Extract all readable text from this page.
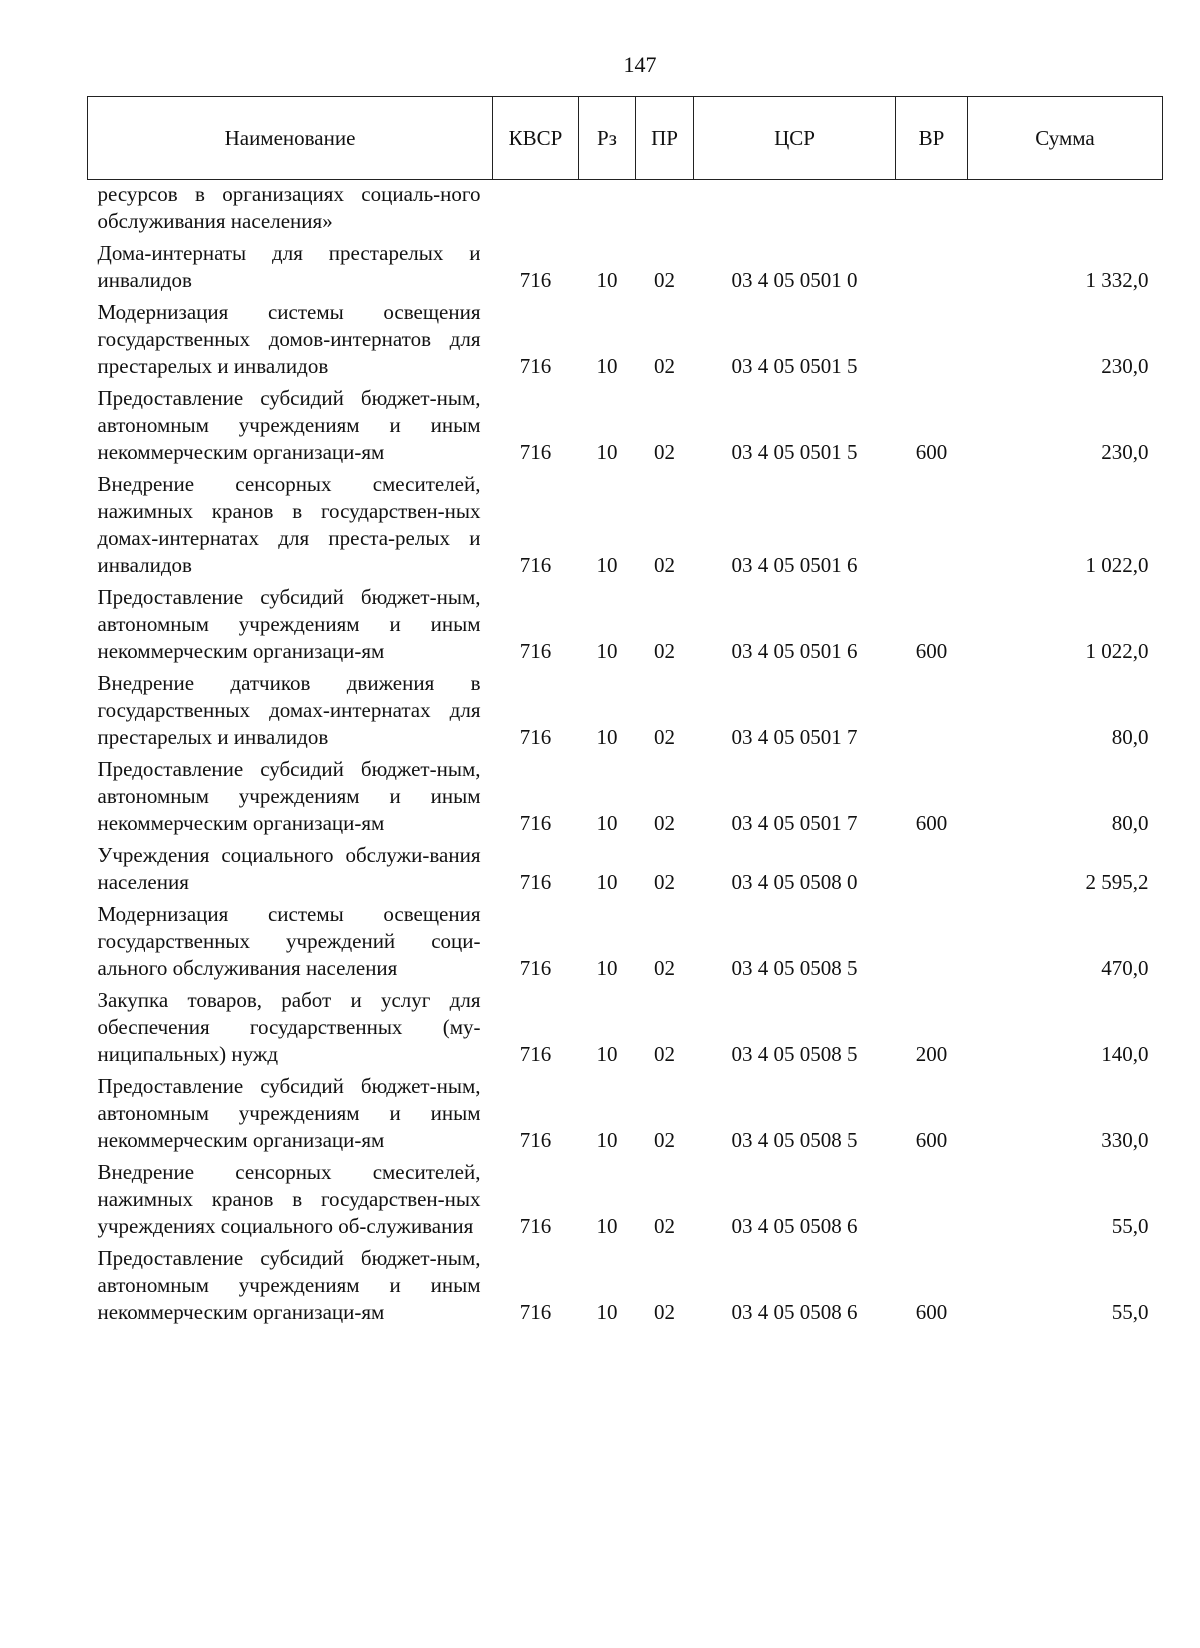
147
Наименование	КВСР	Рз	ПР	ЦСР	ВР	Сумма
ресурсов в организациях социаль-ного обслуживания населения»						
Дома-интернаты для престарелых и инвалидов	716	10	02	03 4 05 0501 0		1 332,0
Модернизация системы освещения государственных домов-интернатов для престарелых и инвалидов	716	10	02	03 4 05 0501 5		230,0
Предоставление субсидий бюджет-ным, автономным учреждениям и иным некоммерческим организаци-ям	716	10	02	03 4 05 0501 5	600	230,0
Внедрение сенсорных смесителей, нажимных кранов в государствен-ных домах-интернатах для преста-релых и инвалидов	716	10	02	03 4 05 0501 6		1 022,0
Предоставление субсидий бюджет-ным, автономным учреждениям и иным некоммерческим организаци-ям	716	10	02	03 4 05 0501 6	600	1 022,0
Внедрение датчиков движения в государственных домах-интернатах для престарелых и инвалидов	716	10	02	03 4 05 0501 7		80,0
Предоставление субсидий бюджет-ным, автономным учреждениям и иным некоммерческим организаци-ям	716	10	02	03 4 05 0501 7	600	80,0
Учреждения социального обслужи-вания населения	716	10	02	03 4 05 0508 0		2 595,2
Модернизация системы освещения государственных учреждений соци-ального обслуживания населения	716	10	02	03 4 05 0508 5		470,0
Закупка товаров, работ и услуг для обеспечения государственных (му-ниципальных) нужд	716	10	02	03 4 05 0508 5	200	140,0
Предоставление субсидий бюджет-ным, автономным учреждениям и иным некоммерческим организаци-ям	716	10	02	03 4 05 0508 5	600	330,0
Внедрение сенсорных смесителей, нажимных кранов в государствен-ных учреждениях социального об-служивания	716	10	02	03 4 05 0508 6		55,0
Предоставление субсидий бюджет-ным, автономным учреждениям и иным некоммерческим организаци-ям	716	10	02	03 4 05 0508 6	600	55,0
